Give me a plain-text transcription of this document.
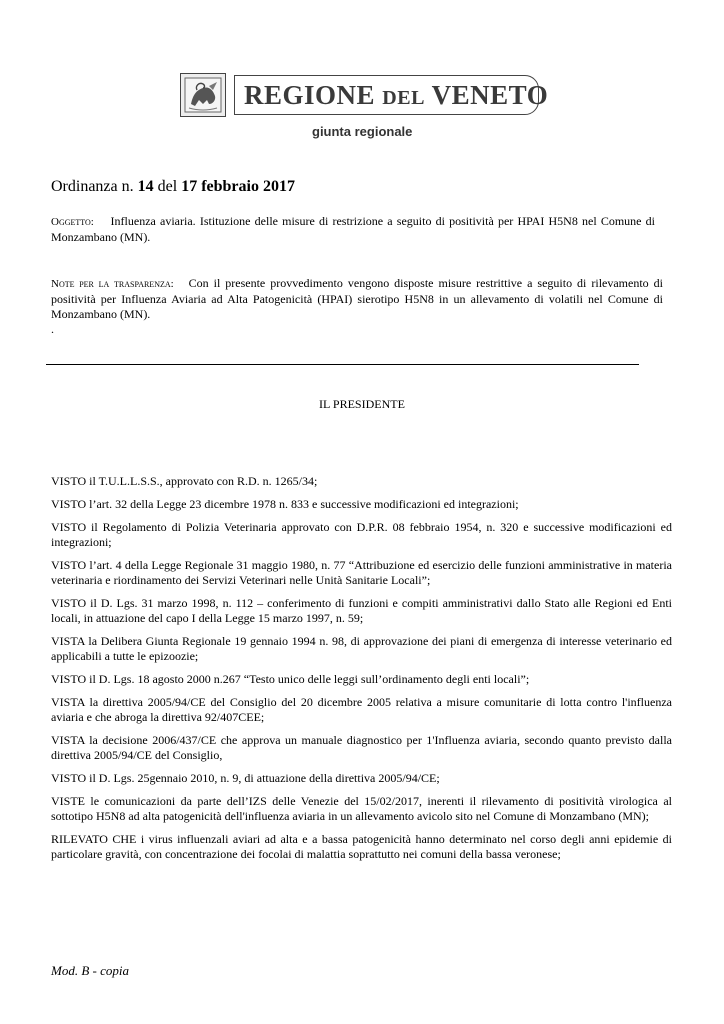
REGIONE DEL VENETO
giunta regionale
Ordinanza n. 14 del 17 febbraio 2017
Oggetto: Influenza aviaria. Istituzione delle misure di restrizione a seguito di positività per HPAI H5N8 nel Comune di Monzambano (MN).
Note per la trasparenza: Con il presente provvedimento vengono disposte misure restrittive a seguito di rilevamento di positività per Influenza Aviaria ad Alta Patogenicità (HPAI) sierotipo H5N8 in un allevamento di volatili nel Comune di Monzambano (MN).
.
IL PRESIDENTE

VISTO il T.U.L.L.S.S., approvato con R.D. n. 1265/34;

VISTO l’art. 32 della Legge 23 dicembre 1978 n. 833 e successive modificazioni ed integrazioni;

VISTO il Regolamento di Polizia Veterinaria approvato con D.P.R. 08 febbraio 1954, n. 320 e successive modificazioni ed integrazioni;

VISTO l’art. 4 della Legge Regionale 31 maggio 1980, n. 77 “Attribuzione ed esercizio delle funzioni amministrative in materia veterinaria e riordinamento dei Servizi Veterinari nelle Unità Sanitarie Locali”;

VISTO il D. Lgs. 31 marzo 1998, n. 112 – conferimento di funzioni e compiti amministrativi dallo Stato alle Regioni ed Enti locali, in attuazione del capo I della Legge 15 marzo 1997, n. 59;

VISTA la Delibera Giunta Regionale 19 gennaio 1994 n. 98, di approvazione dei piani di emergenza di interesse veterinario ed applicabili a tutte le epizoozie;

VISTO il D. Lgs. 18 agosto 2000 n.267 “Testo unico delle leggi sull’ordinamento degli enti locali”;

VISTA la direttiva 2005/94/CE del Consiglio del 20 dicembre 2005 relativa a misure comunitarie di lotta contro l'influenza aviaria e che abroga la direttiva 92/407CEE;

VISTA la decisione 2006/437/CE che approva un manuale diagnostico per 1'Influenza aviaria, secondo quanto previsto dalla direttiva 2005/94/CE del Consiglio,

VISTO il D. Lgs. 25gennaio 2010, n. 9, di attuazione della direttiva 2005/94/CE;

VISTE le comunicazioni da parte dell’IZS delle Venezie del 15/02/2017, inerenti il rilevamento di positività virologica al sottotipo H5N8 ad alta patogenicità dell'influenza aviaria in un allevamento avicolo sito nel Comune di Monzambano (MN);

RILEVATO CHE i virus influenzali aviari ad alta e a bassa patogenicità hanno determinato nel corso degli anni epidemie di particolare gravità, con concentrazione dei focolai di malattia soprattutto nei comuni della bassa veronese;

Mod. B - copia
